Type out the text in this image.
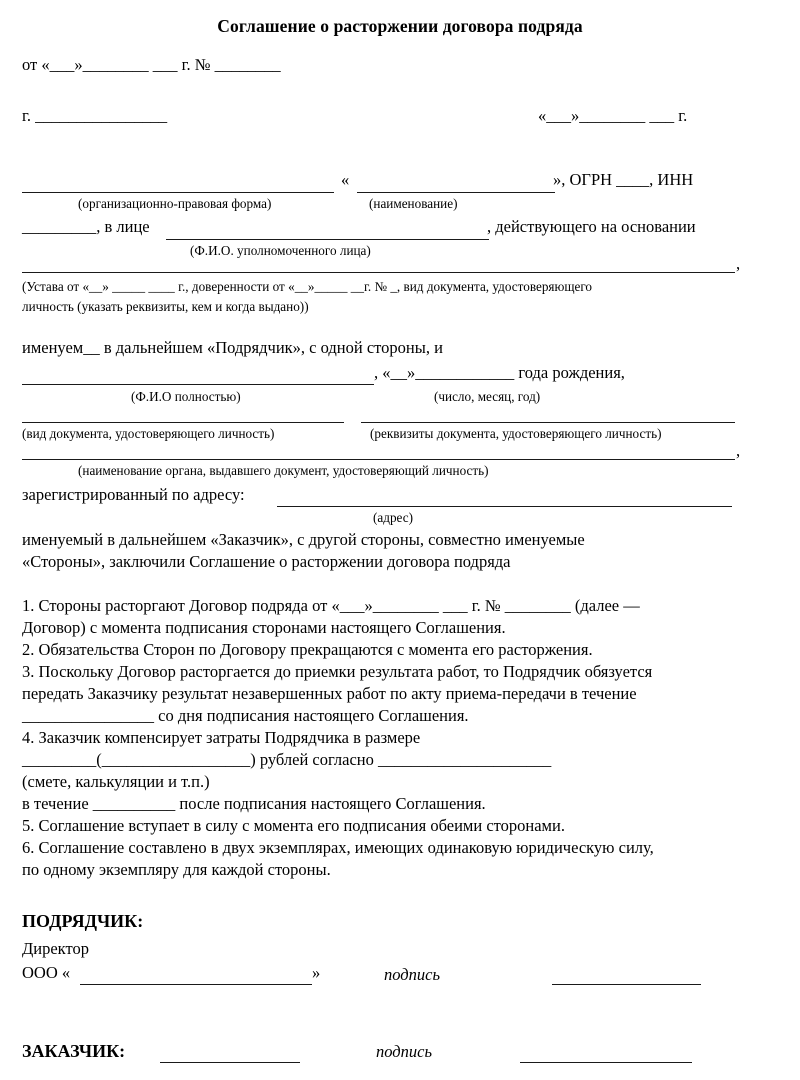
Соглашение о расторжении договора подряда
от «___»________ ___ г. № ________
г. ________________	«___»________ ___ г.
«	», ОГРН ____, ИНН
(организационно-правовая форма)	(наименование)
_________, в лице	, действующего на основании
(Ф.И.О. уполномоченного лица)
,
(Устава от «__» _____ ____ г., доверенности от «__»_____ __г. № _, вид документа, удостоверяющего
личность (указать реквизиты, кем и когда выдано))
именуем__ в дальнейшем «Подрядчик», с одной стороны, и
, «__»____________ года рождения,
(Ф.И.О полностью)	(число, месяц, год)
(вид документа, удостоверяющего личность)	(реквизиты документа, удостоверяющего личность)
,
(наименование органа, выдавшего документ, удостоверяющий личность)
зарегистрированный по адресу:
(адрес)
именуемый в дальнейшем «Заказчик», с другой стороны, совместно именуемые
«Стороны», заключили Соглашение о расторжении договора подряда
1. Стороны расторгают Договор подряда от «___»________ ___ г. № ________ (далее —
Договор) с момента подписания сторонами настоящего Соглашения.
2. Обязательства Сторон по Договору прекращаются с момента его расторжения.
3. Поскольку Договор расторгается до приемки результата работ, то Подрядчик обязуется
передать Заказчику результат незавершенных работ по акту приема-передачи в течение
________________ со дня подписания настоящего Соглашения.
4. Заказчик компенсирует затраты Подрядчика в размере
_________(__________________) рублей согласно _____________________
(смете, калькуляции и т.п.)
в течение __________ после подписания настоящего Соглашения.
5. Соглашение вступает в силу с момента его подписания обеими сторонами.
6. Соглашение составлено в двух экземплярах, имеющих одинаковую юридическую силу,
по одному экземпляру для каждой стороны.
ПОДРЯДЧИК:
Директор
ООО «	»	подпись
ЗАКАЗЧИК:	подпись
